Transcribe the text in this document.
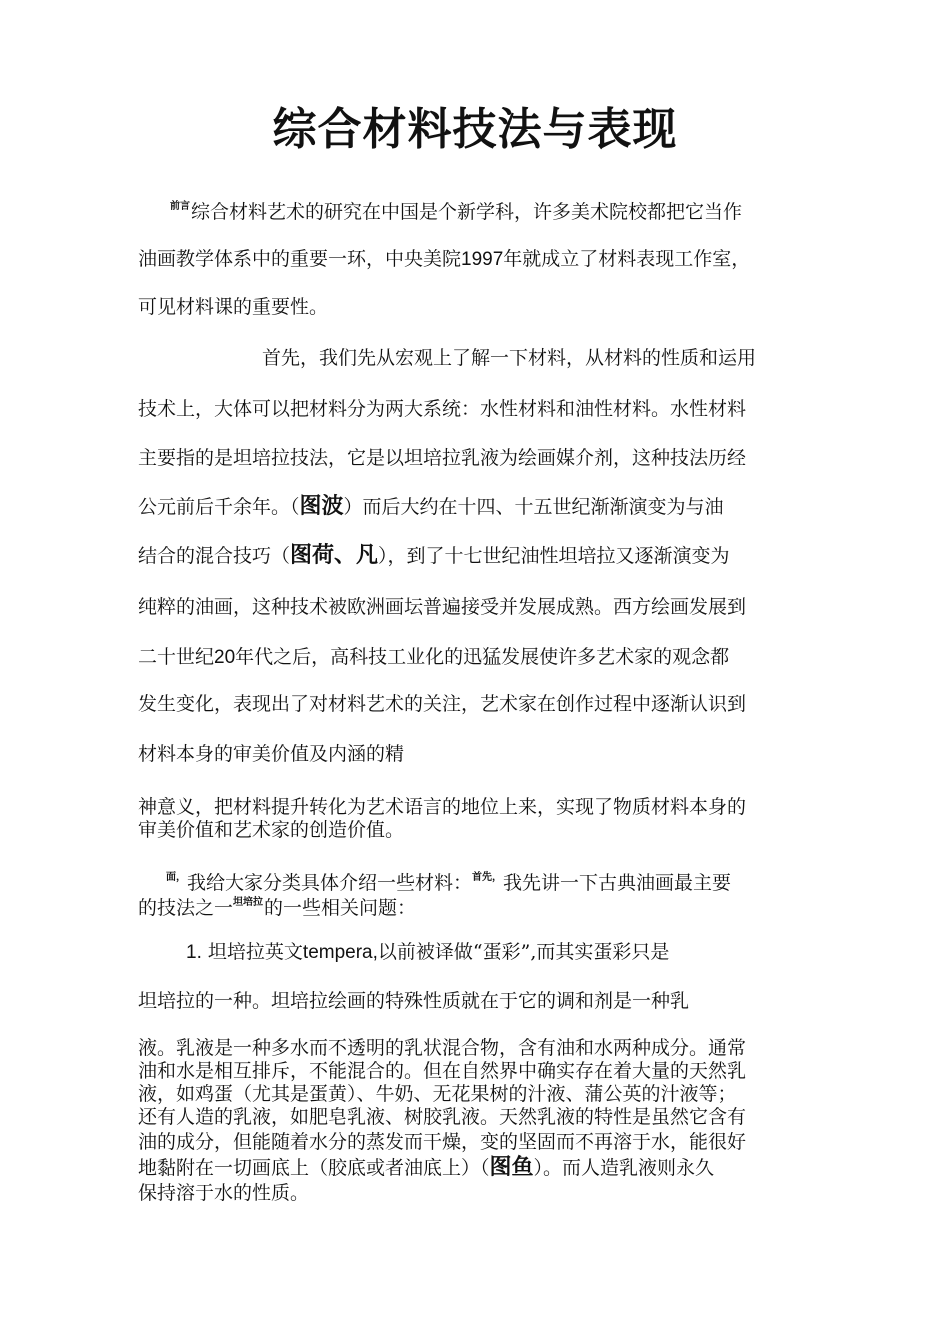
综合材料技法与表现
$^{前言}$综合材料艺术的研究在中国是个新学科，许多美术院校都把它当作
油画教学体系中的重要一环，中央美院1997年就成立了材料表现工作室，
可见材料课的重要性。
首先，我们先从宏观上了解一下材料，从材料的性质和运用
技术上，大体可以把材料分为两大系统：水性材料和油性材料。水性材料
主要指的是坦培拉技法，它是以坦培拉乳液为绘画媒介剂，这种技法历经
公元前后千余年。（图波）而后大约在十四、十五世纪渐渐演变为与油
结合的混合技巧（图荷、凡），到了十七世纪油性坦培拉又逐渐演变为
纯粹的油画，这种技术被欧洲画坛普遍接受并发展成熟。西方绘画发展到
二十世纪20年代之后，高科技工业化的迅猛发展使许多艺术家的观念都
发生变化，表现出了对材料艺术的关注，艺术家在创作过程中逐渐认识到
材料本身的审美价值及内涵的精
神意义，把材料提升转化为艺术语言的地位上来，实现了物质材料本身的
审美价值和艺术家的创造价值。
$^{面,}$我给大家分类具体介绍一些材料：$^{首先,}$我先讲一下古典油画最主要
的技法之一$^{坦培拉}$的一些相关问题：
1. 坦培拉英文tempera,以前被译做“蛋彩”,而其实蛋彩只是
坦培拉的一种。坦培拉绘画的特殊性质就在于它的调和剂是一种乳
液。乳液是一种多水而不透明的乳状混合物，含有油和水两种成分。通常
油和水是相互排斥，不能混合的。但在自然界中确实存在着大量的天然乳
液，如鸡蛋（尤其是蛋黄）、牛奶、无花果树的汁液、蒲公英的汁液等；
还有人造的乳液，如肥皂乳液、树胶乳液。天然乳液的特性是虽然它含有
油的成分，但能随着水分的蒸发而干燥，变的坚固而不再溶于水，能很好
地黏附在一切画底上（胶底或者油底上）（图鱼）。而人造乳液则永久
保持溶于水的性质。
